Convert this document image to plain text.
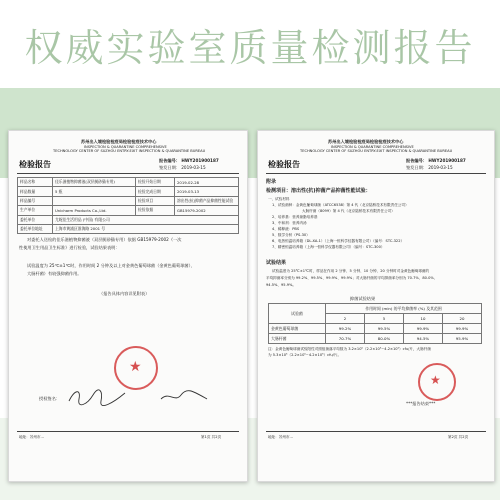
权威实验室质量检测报告
苏州出入境检验检疫局检验检疫技术中心
INSPECTION & QUARANTINE COMPREHENSIVE
TECHNOLOGY CENTER OF SUZHOU ENTRY-EXIT INSPECTION & QUARANTINE BUREAU
检验报告	报告编号： HWY201900187
签发日期： 2019-03-15
样品名称	佳乐滋植物抑菌液(双层腿砂猫专用)	检验开始日期	2019-02-28
样品数量	5 瓶	检验完成日期	2019-03-13
样品编号		检验项目	溶出性(抗)抑菌产品抑菌性能试验
生产单位	Unicharm Products Co.,Ltd.	检验依据	GB15979-2002
委托单位	尤妮佳生活用品 (中国) 有限公司		
委托单位地址	上海市黄浦区淮海路 2001 号		
对委托人送检的佳乐滋植物抑菌液（双层腿砂猫专用）依据 GB15979-2002《一次
性使用卫生用品卫生标准》进行检验，试验结果表明：
试验温度为 25℃±1℃时，作用时间 2 分钟及以上对金黄色葡萄球菌（金黄色葡萄球菌）、
大肠杆菌）有较强抑菌作用。
（报告具体内容详见附表）
★
授权签名：
地址：苏州市...	第1页 共2页
苏州出入境检验检疫局检验检疫技术中心
INSPECTION & QUARANTINE COMPREHENSIVE
TECHNOLOGY CENTER OF SUZHOU ENTRY-EXIT INSPECTION & QUARANTINE BUREAU
检验报告	报告编号： HWY201900187
签发日期： 2019-03-15
附录
检测项目：溶出性(抗)抑菌产品抑菌性能试验：
一、试验材料
1、试验菌种：金黄色葡萄球菌（ATCC6538）第 4 代（北京陆桥技术有限责任公司）
大肠杆菌（8099）第 4 代（北京陆桥技术有限责任公司）
2、培养基：营养琼脂培养基
3、中和剂：营养肉汤
4、稀释液：PBS
5、数学分析（PS-30）
6、电热恒温培养箱（DL-XA-1）（上海一恒科学仪器有限公司）（编号：STC-322）
7、精密恒温培养箱（上海一恒科学仪器有限公司）（编号：STC-300）
试验结果
试验温度为 25℃±1℃时，样品在作用 2 分钟、5 分钟、10 分钟、20 分钟时对金黄色葡萄球菌的
平均抑菌率分别为 99.2%、99.5%、99.9%、99.9%；对大肠杆菌的平均抑菌率分别为 70.7%、80.0%、
94.5%、95.9%。
抑菌试验结果
试验菌	作用时间 (min) 的平均抑菌率 (%) 及其范围			
	2	5	10	20
金黄色葡萄球菌	99.2%	99.5%	99.9%	99.9%
大肠杆菌	70.7%	80.0%	94.5%	95.9%
注：金黄色葡萄球菌试验阳性对照组菌落平均数为 3.2×10⁵（2.2×10⁵~4.2×10⁵）cfu/片，大肠杆菌
为 5.3×10⁵（2.2×10⁵~4.2×10⁵）cfu/片。
★
***报告结束***
地址：苏州市...	第2页 共2页
